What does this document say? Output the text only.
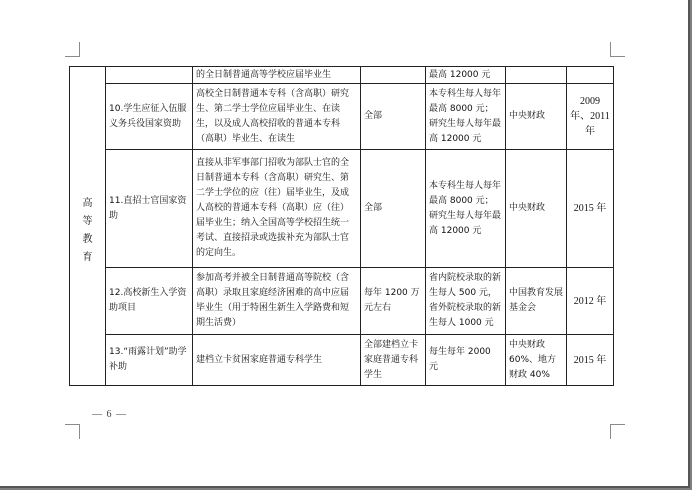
高
等
教
育		的全日制普通高等学校应届毕业生		最高 12000 元		
	10.学生应征入伍服义务兵役国家资助	高校全日制普通本专科（含高职）研究生、第二学士学位应届毕业生、在读生，以及成人高校招收的普通本专科（高职）毕业生、在读生	全部	本专科生每人每年最高 8000 元；研究生每人每年最高 12000 元	中央财政	2009 年、2011 年
	11.直招士官国家资助	直接从非军事部门招收为部队士官的全日制普通本专科（含高职）研究生、第二学士学位的应（往）届毕业生，及成人高校的普通本专科（高职）应（往）届毕业生；纳入全国高等学校招生统一考试、直接招录或选拔补充为部队士官的定向生。	全部	本专科生每人每年最高 8000 元；研究生每人每年最高 12000 元	中央财政	2015 年
	12.高校新生入学资助项目	参加高考并被全日制普通高等院校（含高职）录取且家庭经济困难的高中应届毕业生（用于特困生新生入学路费和短期生活费）	每年 1200 万元左右	省内院校录取的新生每人 500 元，省外院校录取的新生每人 1000 元	中国教育发展基金会	2012 年
	13.“雨露计划”助学补助	建档立卡贫困家庭普通专科学生	全部建档立卡家庭普通专科学生	每生每年 2000 元	中央财政 60%、地方财政 40%	2015 年
— 6 —
